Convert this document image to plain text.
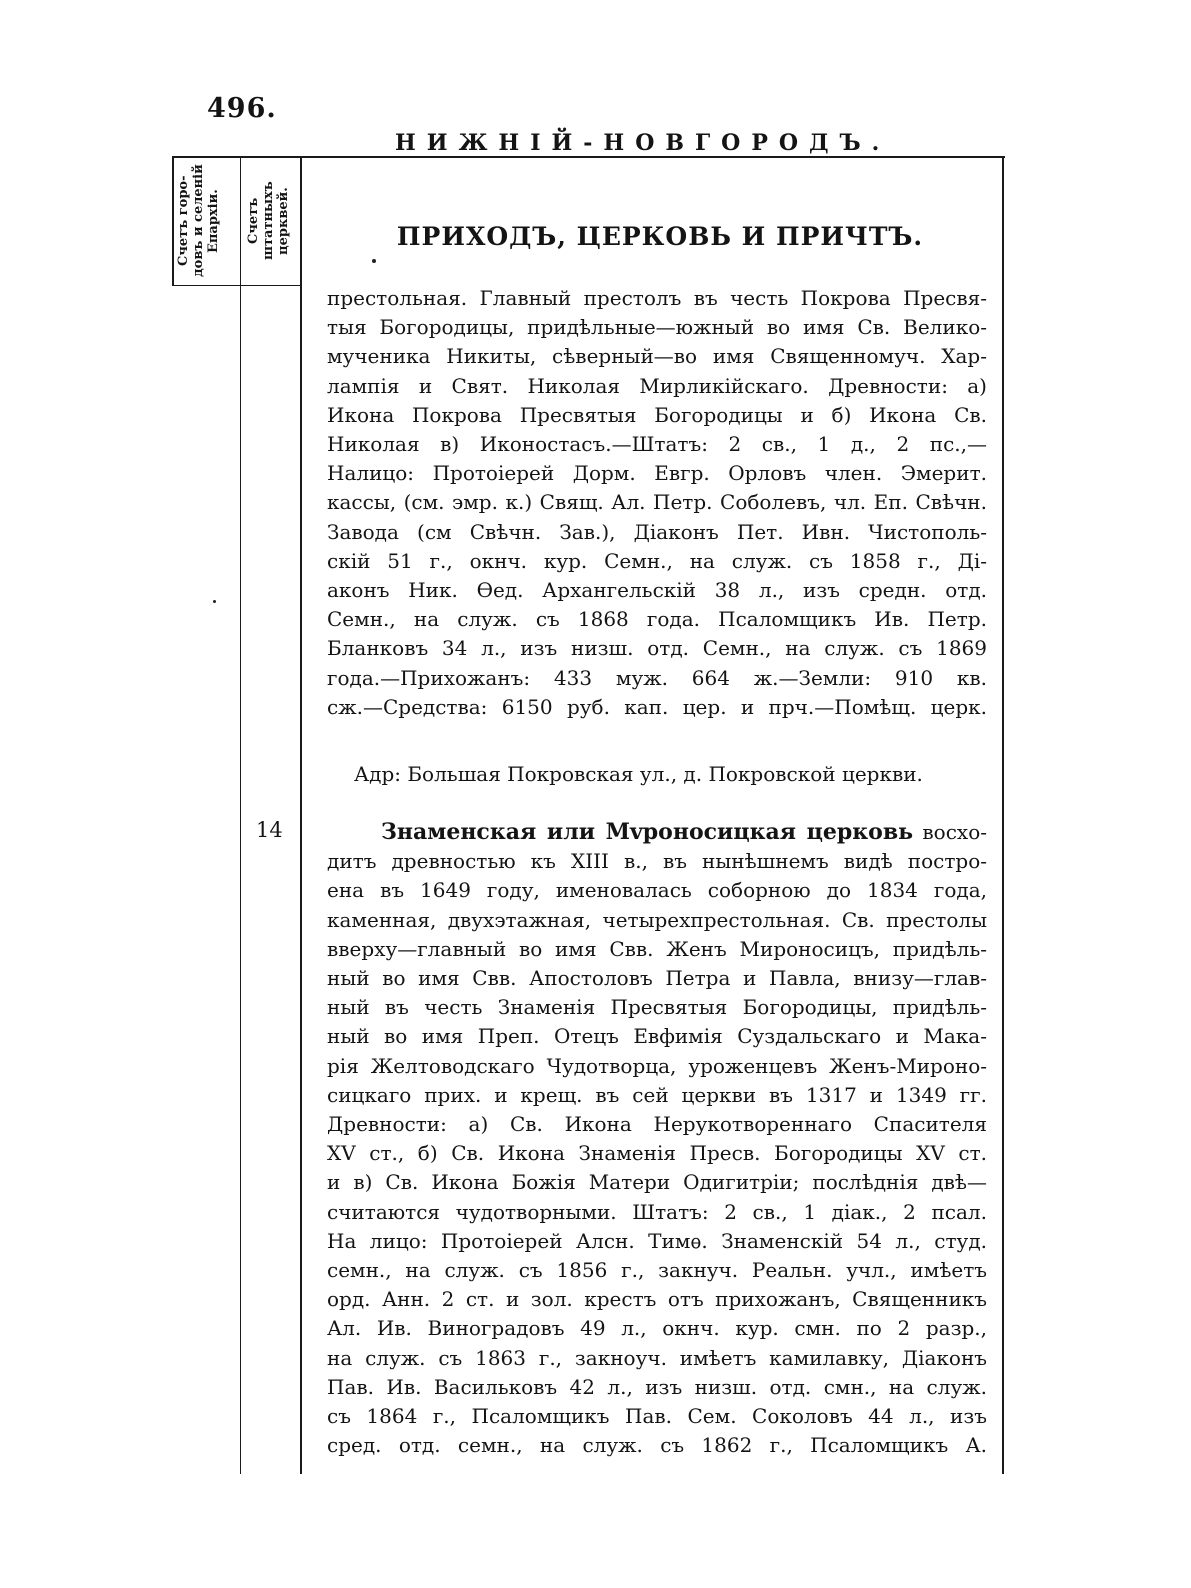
496.
НИЖНІЙ-НОВГОРОДЪ.
Счетъ горо-
довъ и селеній
Епархіи.	Счетъ
штатныхъ
церквей.	ПРИХОДЪ, ЦЕРКОВЬ И ПРИЧТЪ.
престольная. Главный престолъ въ честь Покрова Пресвя-
тыя Богородицы, придѣльные—южный во имя Св. Велико-
мученика Никиты, сѣверный—во имя Священномуч. Хар-
лампія и Свят. Николая Мирликійскаго. Древности: а)
Икона Покрова Пресвятыя Богородицы и б) Икона Св.
Николая в) Иконостасъ.—Штатъ: 2 св., 1 д., 2 пс.,—
Налицо: Протоіерей Дорм. Евгр. Орловъ член. Эмерит.
кассы, (см. эмр. к.) Свящ. Ал. Петр. Соболевъ, чл. Еп. Свѣчн.
Завода (см Свѣчн. Зав.), Діаконъ Пет. Ивн. Чистополь-
скій 51 г., окнч. кур. Семн., на служ. съ 1858 г., Ді-
аконъ Ник. Ѳед. Архангельскій 38 л., изъ средн. отд.
Семн., на служ. съ 1868 года. Псаломщикъ Ив. Петр.
Бланковъ 34 л., изъ низш. отд. Семн., на служ. съ 1869
года.—Прихожанъ: 433 муж. 664 ж.—Земли: 910 кв.
сж.—Средства: 6150 руб. кап. цер. и прч.—Помѣщ. церк.
Адр: Большая Покровская ул., д. Покровской церкви.
14	Знаменская или Мvроносицкая церковь восхо-
дитъ древностью къ XIII в., въ нынѣшнемъ видѣ постро-
ена въ 1649 году, именовалась соборною до 1834 года,
каменная, двухэтажная, четырехпрестольная. Св. престолы
вверху—главный во имя Свв. Женъ Мироносицъ, придѣль-
ный во имя Свв. Апостоловъ Петра и Павла, внизу—глав-
ный въ честь Знаменія Пресвятыя Богородицы, придѣль-
ный во имя Преп. Отецъ Евфимія Суздальскаго и Мака-
рія Желтоводскаго Чудотворца, уроженцевъ Женъ-Мироно-
сицкаго прих. и крещ. въ сей церкви въ 1317 и 1349 гг.
Древности: а) Св. Икона Нерукотвореннаго Спасителя
XV ст., б) Св. Икона Знаменія Пресв. Богородицы XV ст.
и в) Св. Икона Божія Матери Одигитріи; послѣднія двѣ—
считаются чудотворными. Штатъ: 2 св., 1 діак., 2 псал.
На лицо: Протоіерей Алсн. Тимѳ. Знаменскій 54 л., студ.
семн., на служ. съ 1856 г., закнуч. Реальн. учл., имѣетъ
орд. Анн. 2 ст. и зол. крестъ отъ прихожанъ, Священникъ
Ал. Ив. Виноградовъ 49 л., окнч. кур. смн. по 2 разр.,
на служ. съ 1863 г., закноуч. имѣетъ камилавку, Діаконъ
Пав. Ив. Васильковъ 42 л., изъ низш. отд. смн., на служ.
съ 1864 г., Псаломщикъ Пав. Сем. Соколовъ 44 л., изъ
сред. отд. семн., на служ. съ 1862 г., Псаломщикъ А.
